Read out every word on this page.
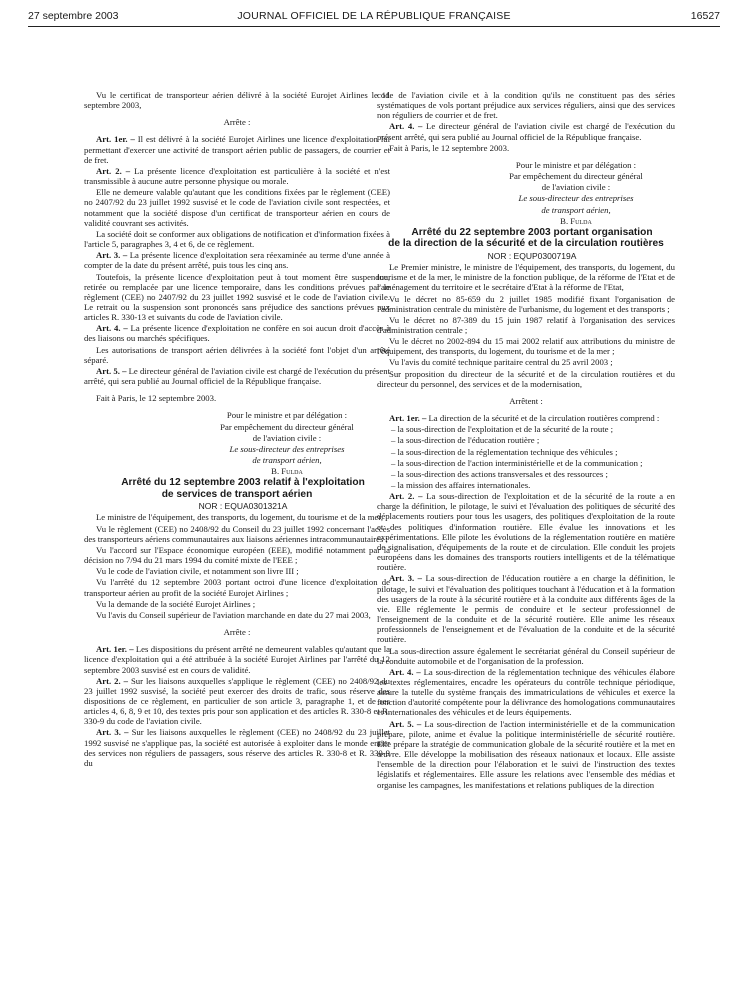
27 septembre 2003	JOURNAL OFFICIEL DE LA RÉPUBLIQUE FRANÇAISE	16527

Vu le certificat de transporteur aérien délivré à la société Eurojet Airlines le 11 septembre 2003,

Arrête :

Art. 1er. – Il est délivré à la société Eurojet Airlines une licence d'exploitation lui permettant d'exercer une activité de transport aérien public de passagers, de courrier et de fret.

Art. 2. – La présente licence d'exploitation est particulière à la société et n'est transmissible à aucune autre personne physique ou morale.

Elle ne demeure valable qu'autant que les conditions fixées par le règlement (CEE) no 2407/92 du 23 juillet 1992 susvisé et le code de l'aviation civile sont respectées, et notamment que la société dispose d'un certificat de transporteur aérien en cours de validité couvrant ses activités.

La société doit se conformer aux obligations de notification et d'information fixées à l'article 5, paragraphes 3, 4 et 6, de ce règlement.

Art. 3. – La présente licence d'exploitation sera réexaminée au terme d'une année à compter de la date du présent arrêté, puis tous les cinq ans.

Toutefois, la présente licence d'exploitation peut à tout moment être suspendue, retirée ou remplacée par une licence temporaire, dans les conditions prévues par le règlement (CEE) no 2407/92 du 23 juillet 1992 susvisé et le code de l'aviation civile. Le retrait ou la suspension sont prononcés sans préjudice des sanctions prévues aux articles R. 330-13 et suivants du code de l'aviation civile.

Art. 4. – La présente licence d'exploitation ne confère en soi aucun droit d'accès à des liaisons ou marchés spécifiques.

Les autorisations de transport aérien délivrées à la société font l'objet d'un arrêté séparé.

Art. 5. – Le directeur général de l'aviation civile est chargé de l'exécution du présent arrêté, qui sera publié au Journal officiel de la République française.

Fait à Paris, le 12 septembre 2003.

Pour le ministre et par délégation :

Par empêchement du directeur général

de l'aviation civile :

Le sous-directeur des entreprises

de transport aérien,

B. Fulda

Arrêté du 12 septembre 2003 relatif à l'exploitation
de services de transport aérien

NOR : EQUA0301321A

Le ministre de l'équipement, des transports, du logement, du tourisme et de la mer,

Vu le règlement (CEE) no 2408/92 du Conseil du 23 juillet 1992 concernant l'accès des transporteurs aériens communautaires aux liaisons aériennes intracommunautaires ;

Vu l'accord sur l'Espace économique européen (EEE), modifié notamment par la décision no 7/94 du 21 mars 1994 du comité mixte de l'EEE ;

Vu le code de l'aviation civile, et notamment son livre III ;

Vu l'arrêté du 12 septembre 2003 portant octroi d'une licence d'exploitation de transporteur aérien au profit de la société Eurojet Airlines ;

Vu la demande de la société Eurojet Airlines ;

Vu l'avis du Conseil supérieur de l'aviation marchande en date du 27 mai 2003,

Arrête :

Art. 1er. – Les dispositions du présent arrêté ne demeurent valables qu'autant que la licence d'exploitation qui a été attribuée à la société Eurojet Airlines par l'arrêté du 12 septembre 2003 susvisé est en cours de validité.

Art. 2. – Sur les liaisons auxquelles s'applique le règlement (CEE) no 2408/92 du 23 juillet 1992 susvisé, la société peut exercer des droits de trafic, sous réserve des dispositions de ce règlement, en particulier de son article 3, paragraphe 1, et de ses articles 4, 6, 8, 9 et 10, des textes pris pour son application et des articles R. 330-8 et R. 330-9 du code de l'aviation civile.

Art. 3. – Sur les liaisons auxquelles le règlement (CEE) no 2408/92 du 23 juillet 1992 susvisé ne s'applique pas, la société est autorisée à exploiter dans le monde entier des services non réguliers de passagers, sous réserve des articles R. 330-8 et R. 330-9 du

code de l'aviation civile et à la condition qu'ils ne constituent pas des séries systématiques de vols portant préjudice aux services réguliers, ainsi que des services non réguliers de courrier et de fret.

Art. 4. – Le directeur général de l'aviation civile est chargé de l'exécution du présent arrêté, qui sera publié au Journal officiel de la République française.

Fait à Paris, le 12 septembre 2003.

Pour le ministre et par délégation :

Par empêchement du directeur général

de l'aviation civile :

Le sous-directeur des entreprises

de transport aérien,

B. Fulda

Arrêté du 22 septembre 2003 portant organisation
de la direction de la sécurité et de la circulation routières

NOR : EQUP0300719A

Le Premier ministre, le ministre de l'équipement, des transports, du logement, du tourisme et de la mer, le ministre de la fonction publique, de la réforme de l'Etat et de l'aménagement du territoire et le secrétaire d'Etat à la réforme de l'Etat,

Vu le décret no 85-659 du 2 juillet 1985 modifié fixant l'organisation de l'administration centrale du ministère de l'urbanisme, du logement et des transports ;

Vu le décret no 87-389 du 15 juin 1987 relatif à l'organisation des services d'administration centrale ;

Vu le décret no 2002-894 du 15 mai 2002 relatif aux attributions du ministre de l'équipement, des transports, du logement, du tourisme et de la mer ;

Vu l'avis du comité technique paritaire central du 25 avril 2003 ;

Sur proposition du directeur de la sécurité et de la circulation routières et du directeur du personnel, des services et de la modernisation,

Arrêtent :

Art. 1er. – La direction de la sécurité et de la circulation routières comprend :

– la sous-direction de l'exploitation et de la sécurité de la route ;

– la sous-direction de l'éducation routière ;

– la sous-direction de la réglementation technique des véhicules ;

– la sous-direction de l'action interministérielle et de la communication ;

– la sous-direction des actions transversales et des ressources ;

– la mission des affaires internationales.

Art. 2. – La sous-direction de l'exploitation et de la sécurité de la route a en charge la définition, le pilotage, le suivi et l'évaluation des politiques de sécurité des déplacements routiers pour tous les usagers, des politiques d'exploitation de la route et des politiques d'information routière. Elle évalue les innovations et les expérimentations. Elle pilote les évolutions de la réglementation routière en matière de signalisation, d'équipements de la route et de circulation. Elle conduit les projets européens dans les domaines des transports routiers intelligents et de la télématique routière.

Art. 3. – La sous-direction de l'éducation routière a en charge la définition, le pilotage, le suivi et l'évaluation des politiques touchant à l'éducation et à la formation des usagers de la route à la sécurité routière et à la conduite aux différents âges de la vie. Elle réglemente le permis de conduire et le secteur professionnel de l'enseignement de la conduite et de la sécurité routière. Elle anime les réseaux professionnels de l'enseignement et de l'évaluation de la conduite et de la sécurité routière.

La sous-direction assure également le secrétariat général du Conseil supérieur de la conduite automobile et de l'organisation de la profession.

Art. 4. – La sous-direction de la réglementation technique des véhicules élabore les textes réglementaires, encadre les opérateurs du contrôle technique périodique, assure la tutelle du système français des immatriculations de véhicules et exerce la fonction d'autorité compétente pour la délivrance des homologations communautaires et internationales des véhicules et de leurs équipements.

Art. 5. – La sous-direction de l'action interministérielle et de la communication prépare, pilote, anime et évalue la politique interministérielle de sécurité routière. Elle prépare la stratégie de communication globale de la sécurité routière et la met en œuvre. Elle développe la mobilisation des réseaux nationaux et locaux. Elle assiste l'ensemble de la direction pour l'élaboration et le suivi de l'instruction des textes législatifs et réglementaires. Elle assure les relations avec l'ensemble des médias et organise les campagnes, les manifestations et relations publiques de la direction
